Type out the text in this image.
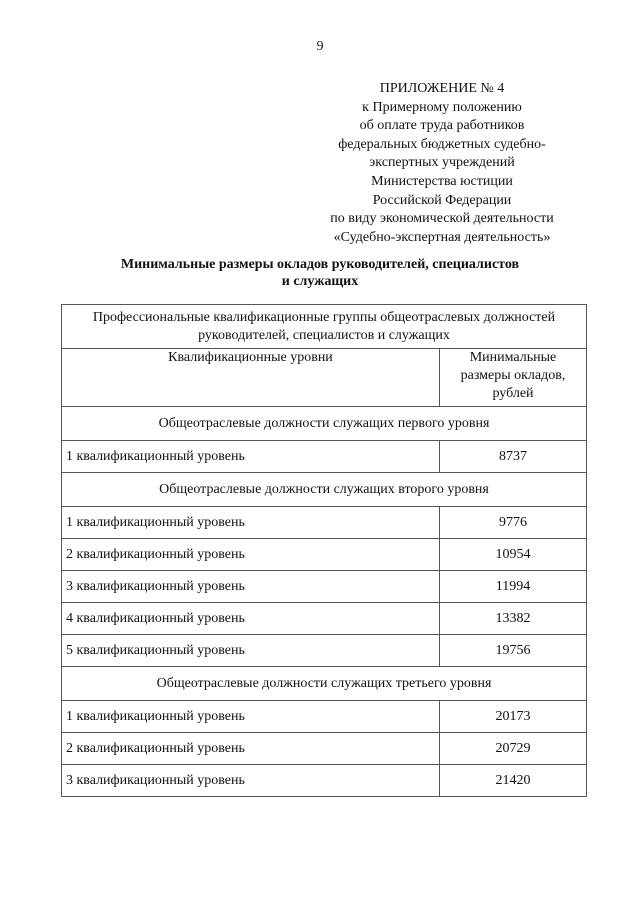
9
ПРИЛОЖЕНИЕ № 4
к Примерному положению
об оплате труда работников
федеральных бюджетных судебно-
экспертных учреждений
Министерства юстиции
Российской Федерации
по виду экономической деятельности
«Судебно-экспертная деятельность»
Минимальные размеры окладов руководителей, специалистов
и служащих
Профессиональные квалификационные группы общеотраслевых должностей
руководителей, специалистов и служащих	

Квалификационные уровни	Минимальные
размеры окладов,
рублей

Общеотраслевые должности служащих первого уровня	
1 квалификационный уровень	8737
Общеотраслевые должности служащих второго уровня	
1 квалификационный уровень	9776
2 квалификационный уровень	10954
3 квалификационный уровень	11994
4 квалификационный уровень	13382
5 квалификационный уровень	19756
Общеотраслевые должности служащих третьего уровня	
1 квалификационный уровень	20173
2 квалификационный уровень	20729
3 квалификационный уровень	21420
